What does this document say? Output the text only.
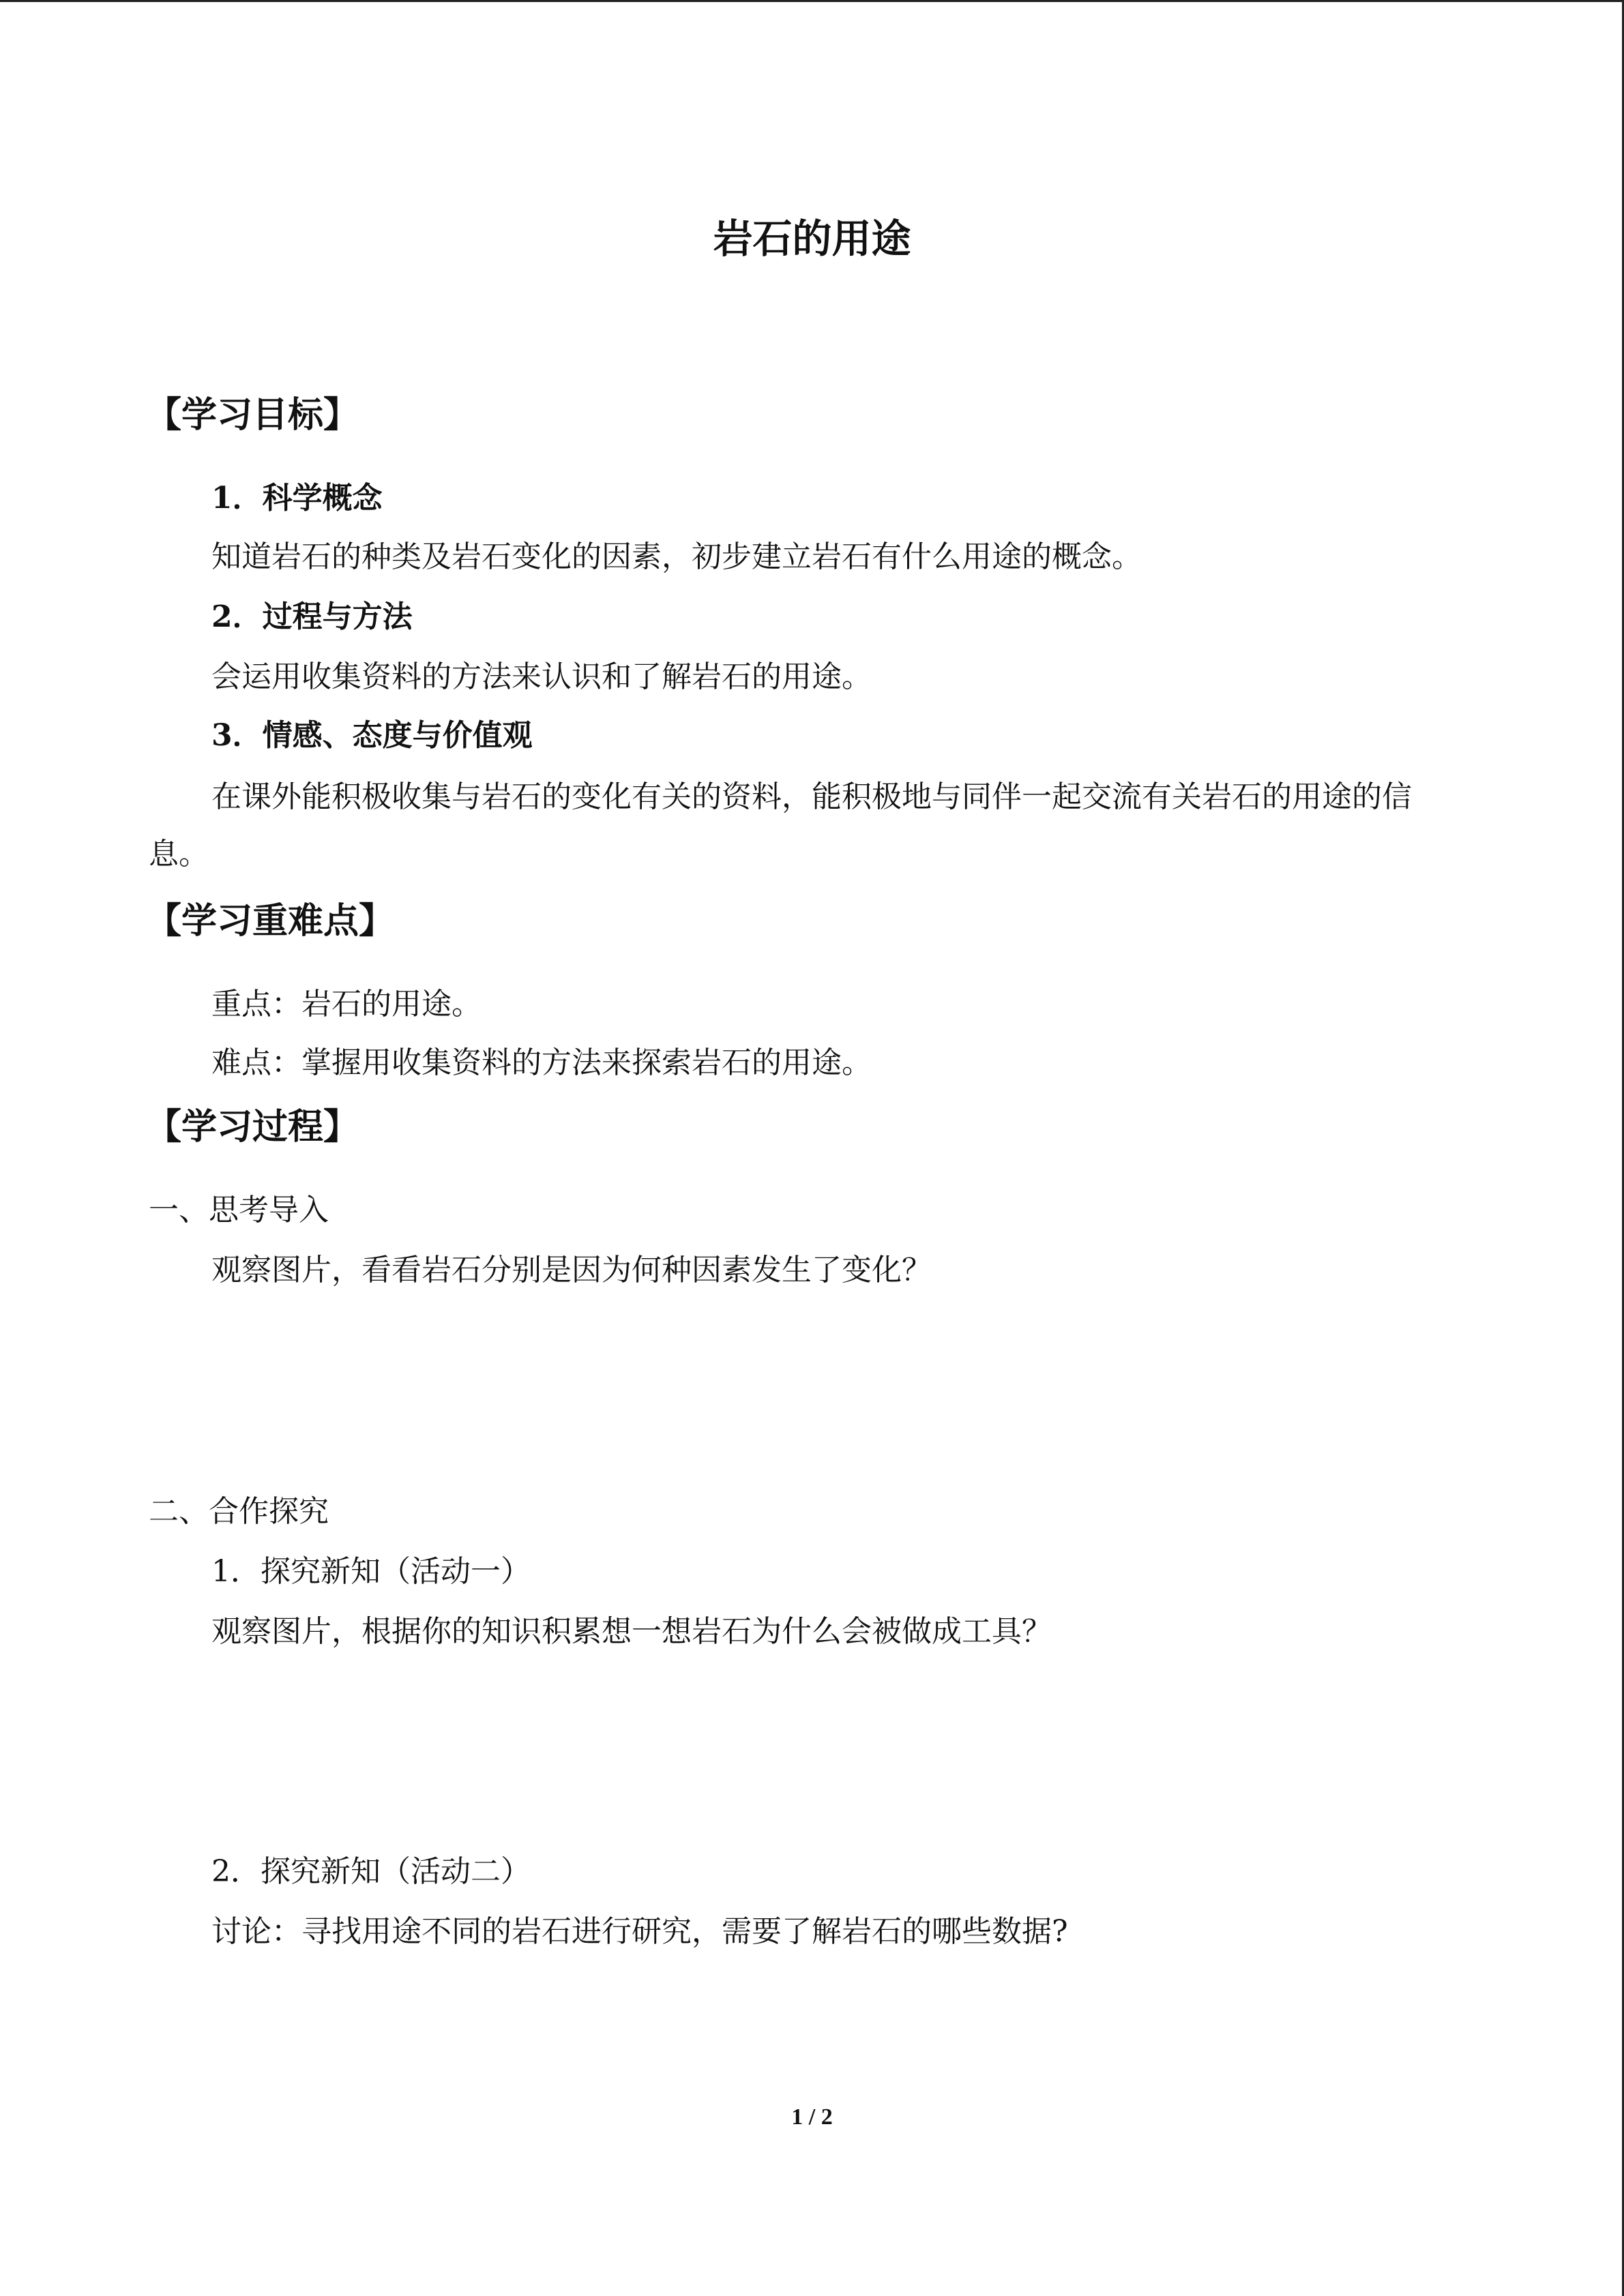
岩石的用途
【学习目标】
1．科学概念
知道岩石的种类及岩石变化的因素，初步建立岩石有什么用途的概念。
2．过程与方法
会运用收集资料的方法来认识和了解岩石的用途。
3．情感、态度与价值观
在课外能积极收集与岩石的变化有关的资料，能积极地与同伴一起交流有关岩石的用途的信息。
【学习重难点】
重点：岩石的用途。
难点：掌握用收集资料的方法来探索岩石的用途。
【学习过程】
一、思考导入
观察图片，看看岩石分别是因为何种因素发生了变化？
二、合作探究
1．探究新知（活动一）
观察图片，根据你的知识积累想一想岩石为什么会被做成工具？
2．探究新知（活动二）
讨论：寻找用途不同的岩石进行研究，需要了解岩石的哪些数据?
1 / 2
